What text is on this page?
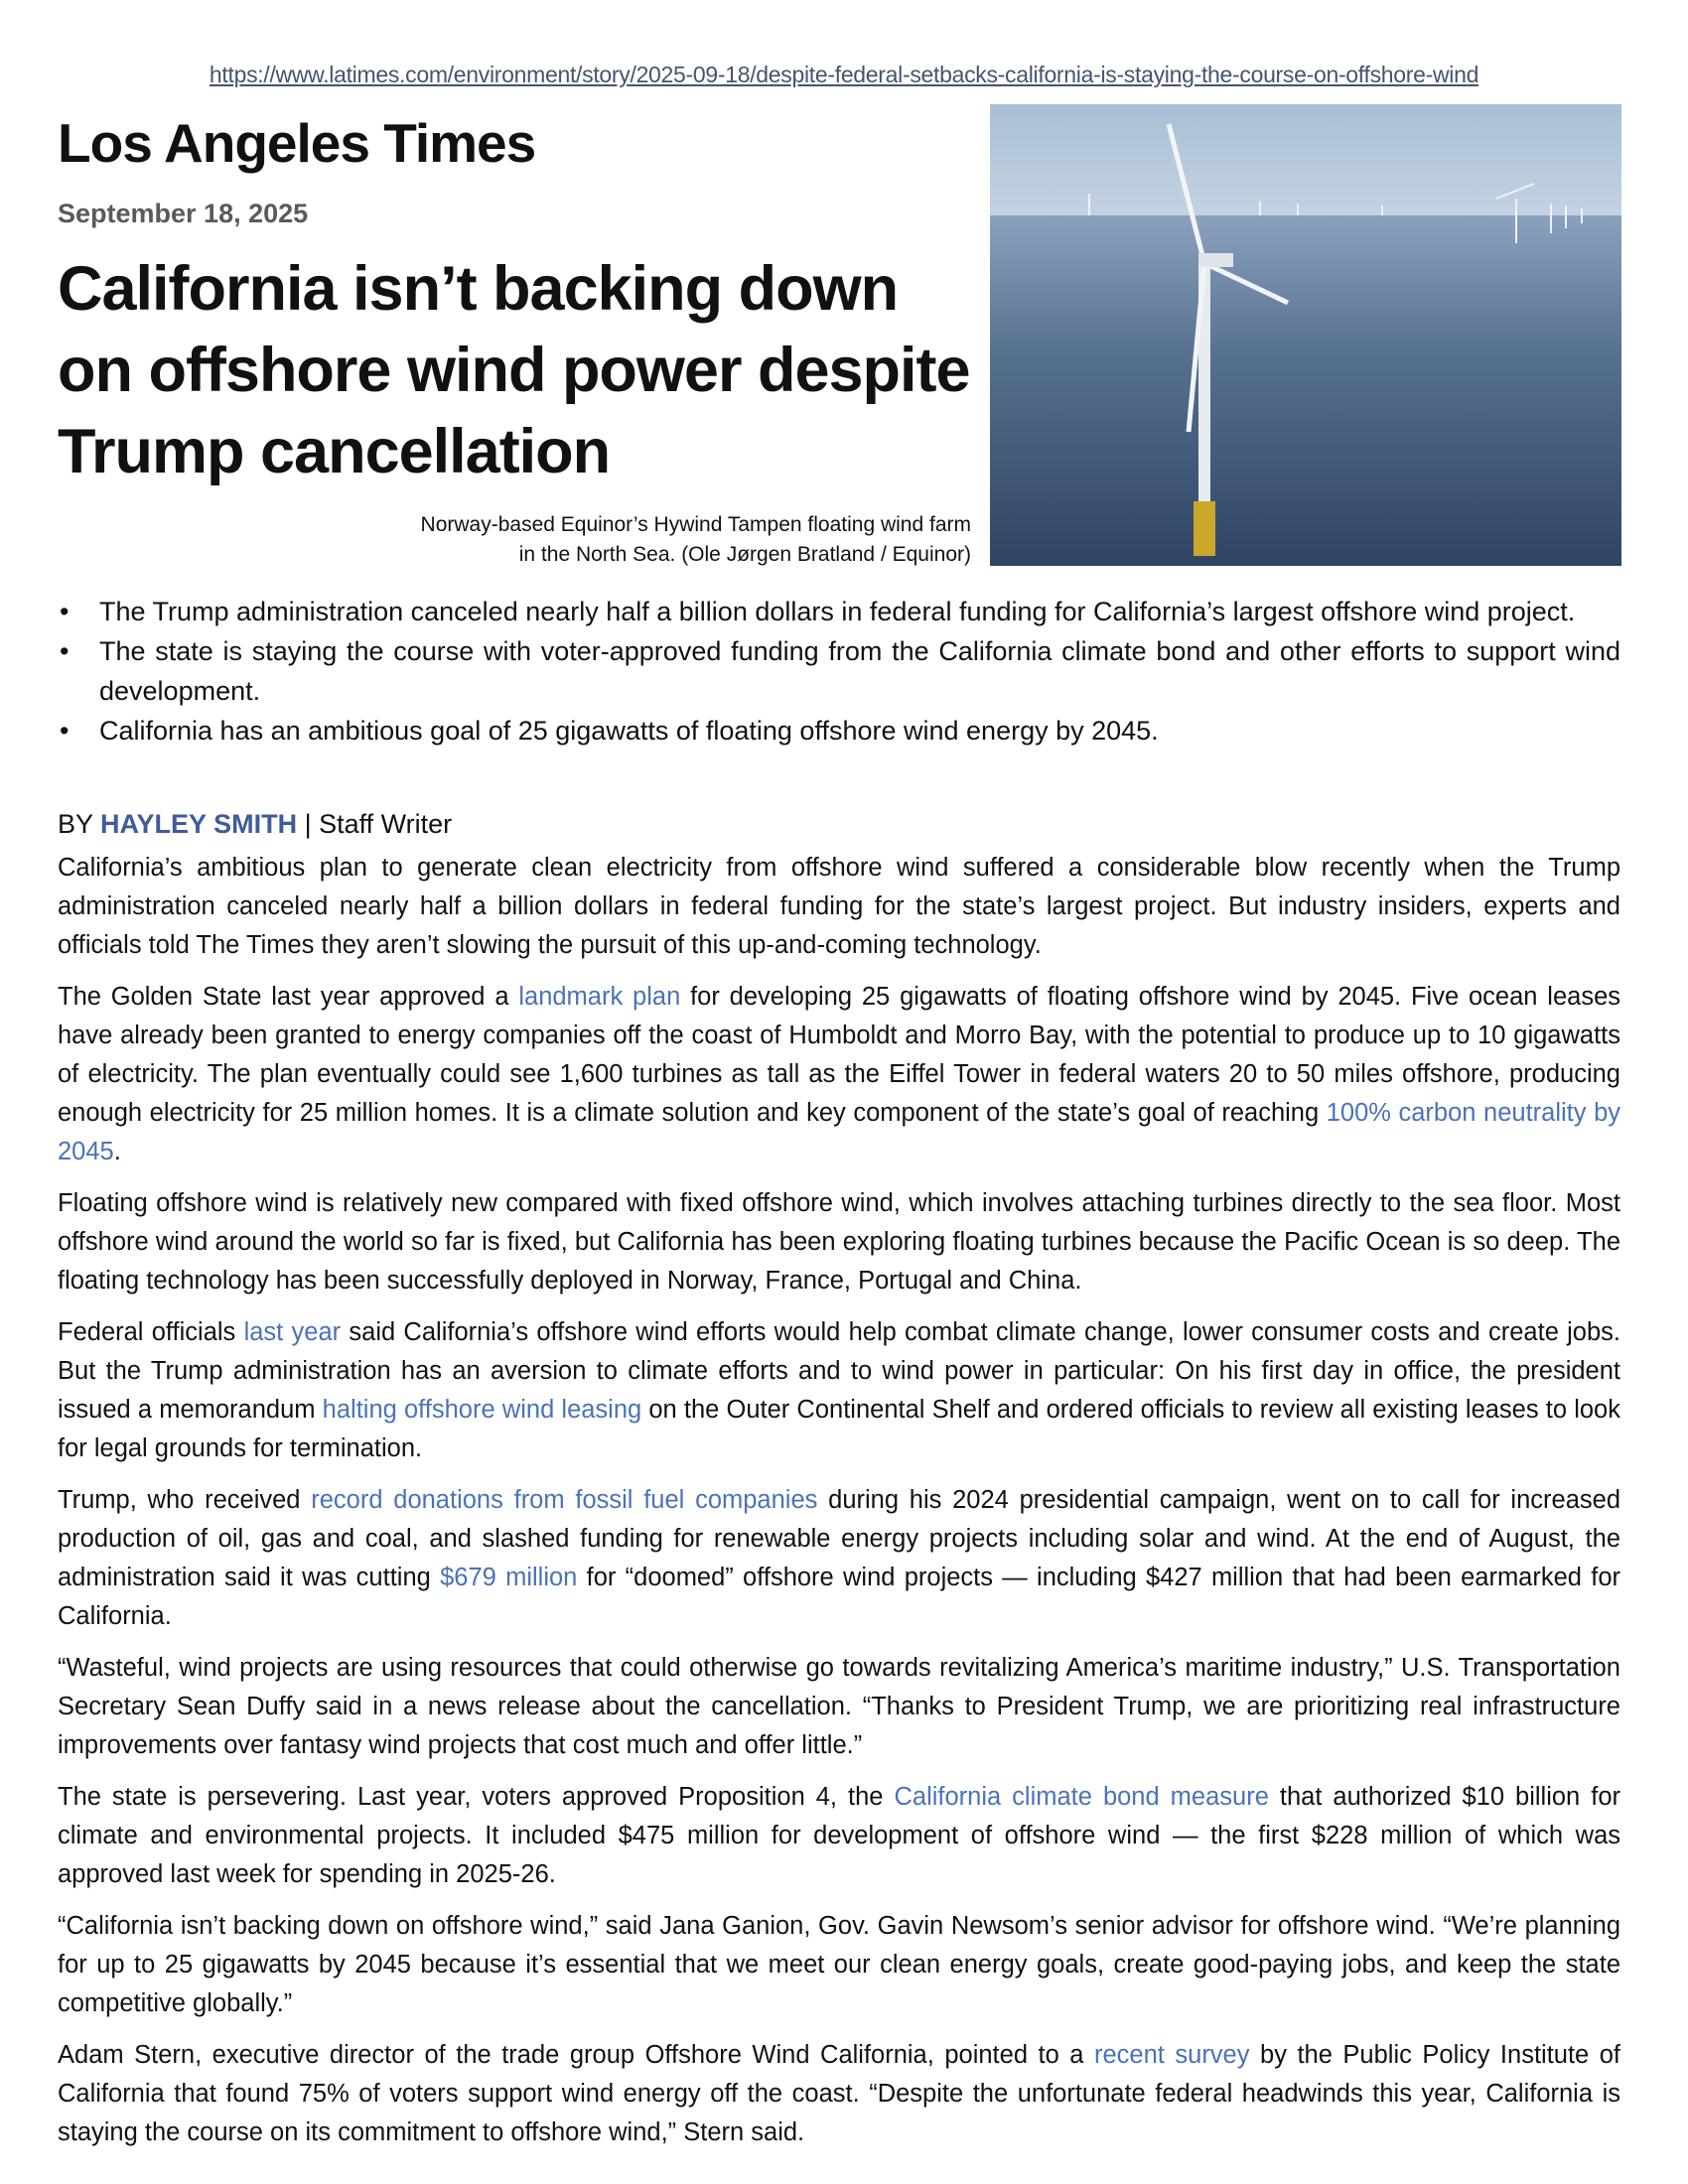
https://www.latimes.com/environment/story/2025-09-18/despite-federal-setbacks-california-is-staying-the-course-on-offshore-wind
Los Angeles Times
September 18, 2025
California isn’t backing down on offshore wind power despite Trump cancellation
Norway-based Equinor’s Hywind Tampen floating wind farm
in the North Sea. (Ole Jørgen Bratland / Equinor)
• The Trump administration canceled nearly half a billion dollars in federal funding for California’s largest offshore wind project.
• The state is staying the course with voter-approved funding from the California climate bond and other efforts to support wind development.
• California has an ambitious goal of 25 gigawatts of floating offshore wind energy by 2045.
BY HAYLEY SMITH | Staff Writer

California’s ambitious plan to generate clean electricity from offshore wind suffered a considerable blow recently when the Trump administration canceled nearly half a billion dollars in federal funding for the state’s largest project. But industry insiders, experts and officials told The Times they aren’t slowing the pursuit of this up-and-coming technology.

The Golden State last year approved a landmark plan for developing 25 gigawatts of floating offshore wind by 2045. Five ocean leases have already been granted to energy companies off the coast of Humboldt and Morro Bay, with the potential to produce up to 10 gigawatts of electricity. The plan eventually could see 1,600 turbines as tall as the Eiffel Tower in federal waters 20 to 50 miles offshore, producing enough electricity for 25 million homes. It is a climate solution and key component of the state’s goal of reaching 100% carbon neutrality by 2045.

Floating offshore wind is relatively new compared with fixed offshore wind, which involves attaching turbines directly to the sea floor. Most offshore wind around the world so far is fixed, but California has been exploring floating turbines because the Pacific Ocean is so deep. The floating technology has been successfully deployed in Norway, France, Portugal and China.

Federal officials last year said California’s offshore wind efforts would help combat climate change, lower consumer costs and create jobs. But the Trump administration has an aversion to climate efforts and to wind power in particular: On his first day in office, the president issued a memorandum halting offshore wind leasing on the Outer Continental Shelf and ordered officials to review all existing leases to look for legal grounds for termination.

Trump, who received record donations from fossil fuel companies during his 2024 presidential campaign, went on to call for increased production of oil, gas and coal, and slashed funding for renewable energy projects including solar and wind. At the end of August, the administration said it was cutting $679 million for “doomed” offshore wind projects — including $427 million that had been earmarked for California.

“Wasteful, wind projects are using resources that could otherwise go towards revitalizing America’s maritime industry,” U.S. Transportation Secretary Sean Duffy said in a news release about the cancellation. “Thanks to President Trump, we are prioritizing real infrastructure improvements over fantasy wind projects that cost much and offer little.”

The state is persevering. Last year, voters approved Proposition 4, the California climate bond measure that authorized $10 billion for climate and environmental projects. It included $475 million for development of offshore wind — the first $228 million of which was approved last week for spending in 2025-26.

“California isn’t backing down on offshore wind,” said Jana Ganion, Gov. Gavin Newsom’s senior advisor for offshore wind. “We’re planning for up to 25 gigawatts by 2045 because it’s essential that we meet our clean energy goals, create good-paying jobs, and keep the state competitive globally.”

Adam Stern, executive director of the trade group Offshore Wind California, pointed to a recent survey by the Public Policy Institute of California that found 75% of voters support wind energy off the coast. “Despite the unfortunate federal headwinds this year, California is staying the course on its commitment to offshore wind,” Stern said.
